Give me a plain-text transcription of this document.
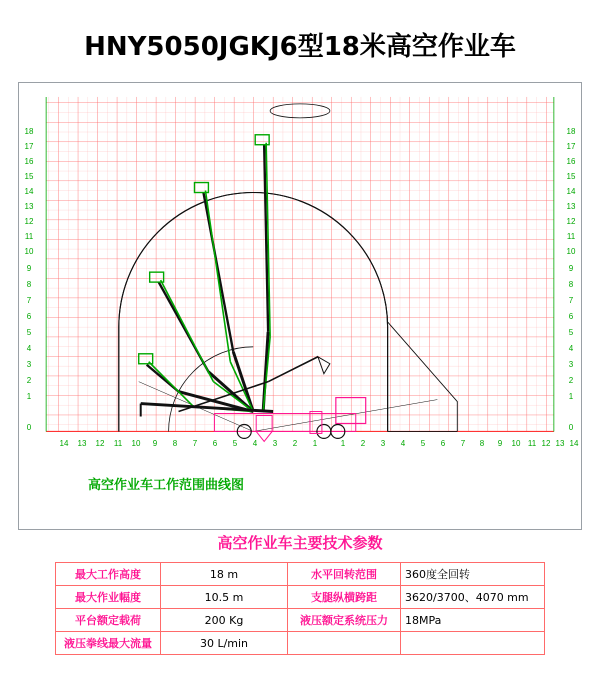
HNY5050JGKJ6型18米高空作业车
18
17
16
15
14
13
12
11
10
9
8
7
6
5
4
3
2
1
0
18
17
16
15
14
13
12
11
10
9
8
7
6
5
4
3
2
1
0
14	13	12	11	10	9	8	7	6	5	4	3	2	1	1	2	3	4	5	6	7	8	9	10 11 12 13 14
高空作业车工作范围曲线图
高空作业车主要技术参数
最大工作高度	18 m	水平回转范围	360度全回转
最大作业幅度	10.5 m	支腿纵横跨距	3620/3700、4070 mm
平台额定载荷	200 Kg	液压额定系统压力	18MPa
液压拳线最大流量	30 L/min		
